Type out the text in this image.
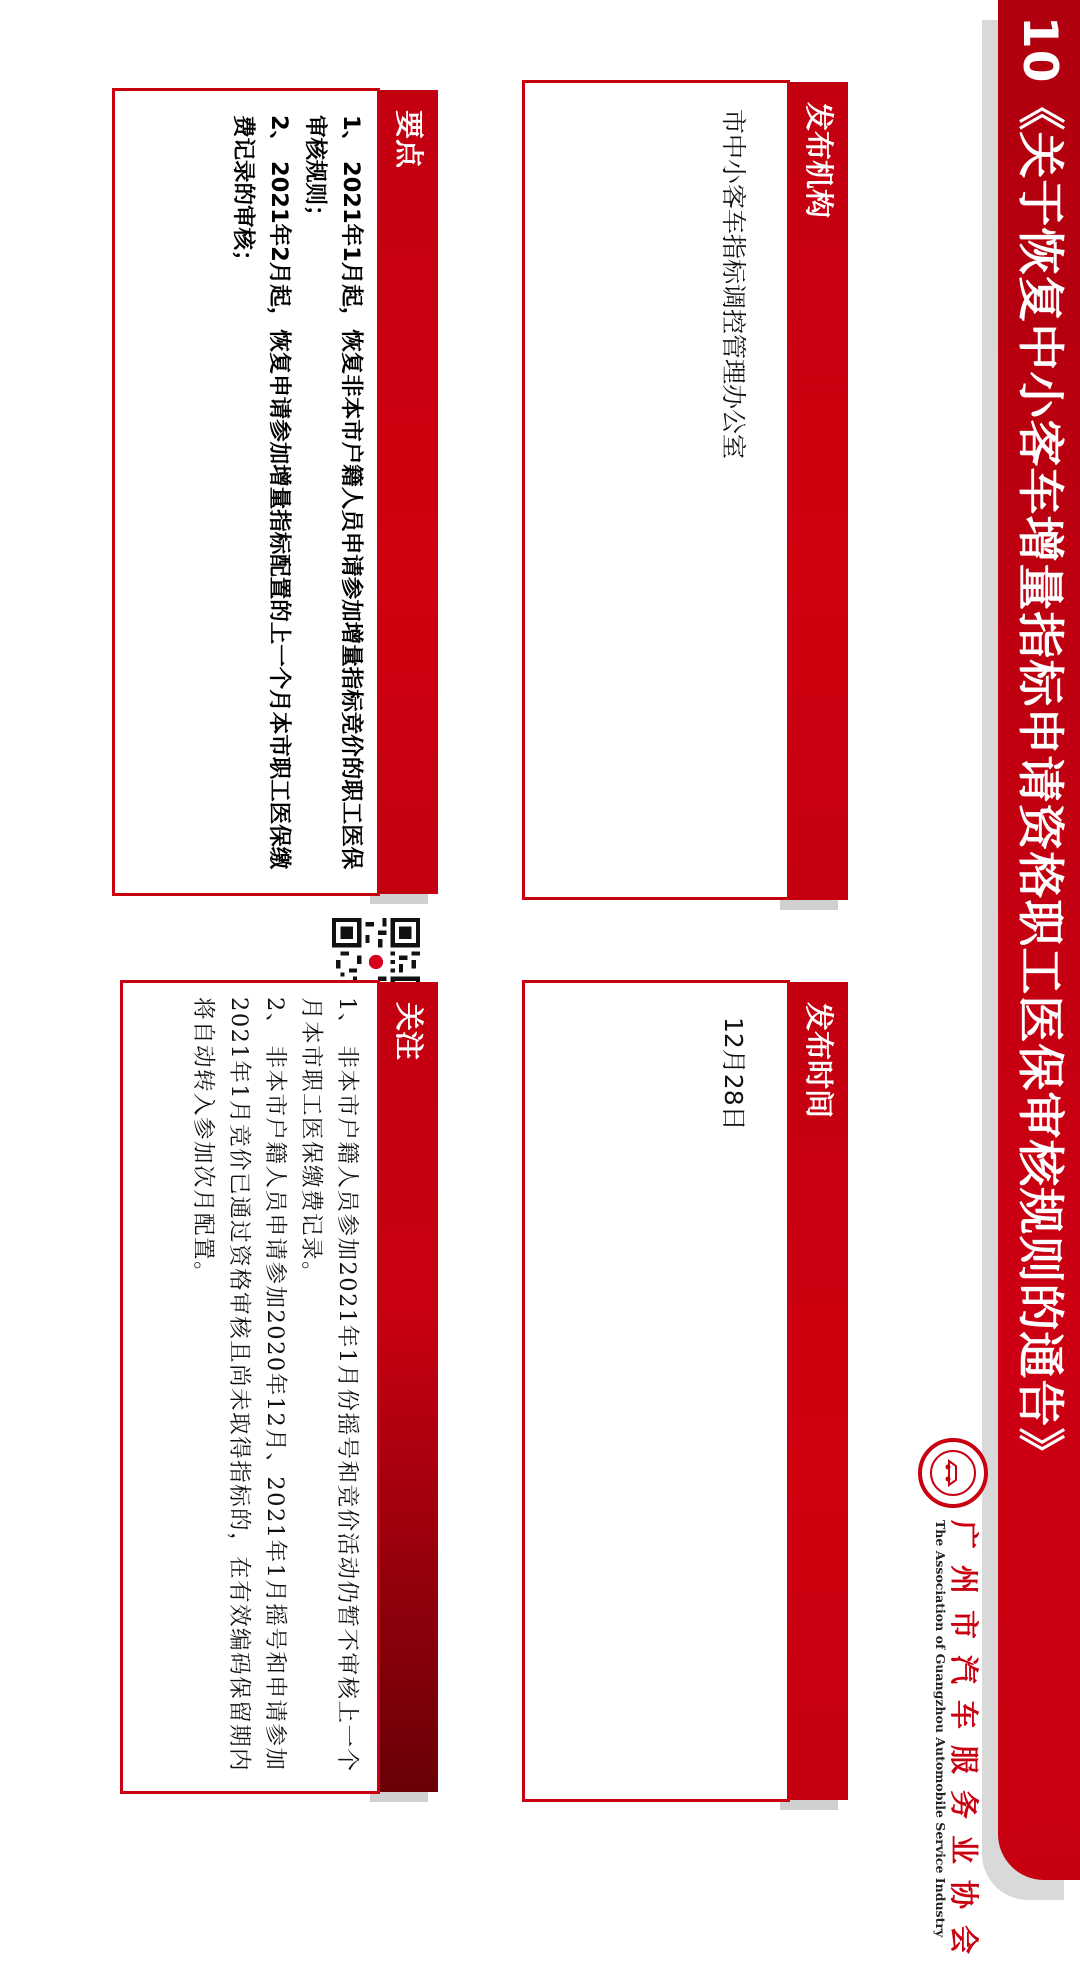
10《关于恢复中小客车增量指标申请资格职工医保审核规则的通告》
发布机构
市中小客车指标调控管理办公室
发布时间
12月28日
要点

1、 2021年1月起，恢复非本市户籍人员申请参加增量指标竞价的职工医保审核规则；

2、 2021年2月起，恢复申请参加增量指标配置的上一个月本市职工医保缴费记录的审核；

关注

1、 非本市户籍人员参加2021年1月份摇号和竞价活动仍暂不审核上一个月本市职工医保缴费记录。

2、 非本市户籍人员申请参加2020年12月、2021年1月摇号和申请参加2021年1月竞价已通过资格审核且尚未取得指标的，在有效编码保留期内将自动转入参加次月配置。

广州市汽车服务业协会
The Association of Guangzhou Automobile Service Industry
